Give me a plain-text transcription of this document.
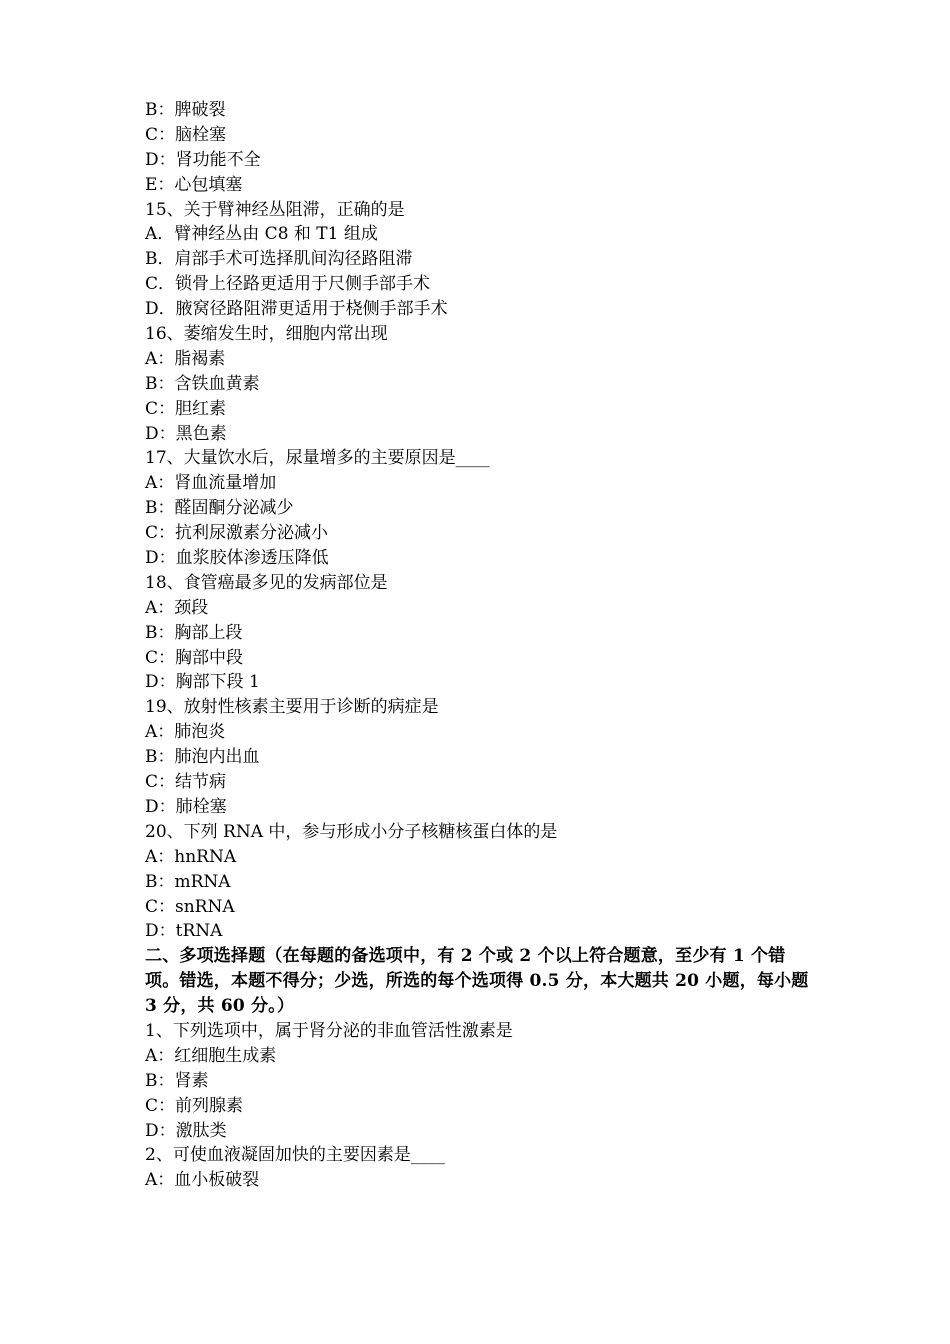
B：脾破裂
C：脑栓塞
D：肾功能不全
E：心包填塞
15、关于臂神经丛阻滞，正确的是
A．臂神经丛由 C8 和 T1 组成
B．肩部手术可选择肌间沟径路阻滞
C．锁骨上径路更适用于尺侧手部手术
D．腋窝径路阻滞更适用于桡侧手部手术
16、萎缩发生时，细胞内常出现
A：脂褐素
B：含铁血黄素
C：胆红素
D：黑色素
17、大量饮水后，尿量增多的主要原因是____
A：肾血流量增加
B：醛固酮分泌减少
C：抗利尿激素分泌减小
D：血浆胶体渗透压降低
18、食管癌最多见的发病部位是
A：颈段
B：胸部上段
C：胸部中段
D：胸部下段 1
19、放射性核素主要用于诊断的病症是
A：肺泡炎
B：肺泡内出血
C：结节病
D：肺栓塞
20、下列 RNA 中，参与形成小分子核糖核蛋白体的是
A：hnRNA
B：mRNA
C：snRNA
D：tRNA
二、多项选择题（在每题的备选项中，有 2 个或 2 个以上符合题意，至少有 1 个错项。错选，本题不得分；少选，所选的每个选项得 0.5 分，本大题共 20 小题，每小题 3 分，共 60 分。）
1、下列选项中，属于肾分泌的非血管活性激素是
A：红细胞生成素
B：肾素
C：前列腺素
D：激肽类
2、可使血液凝固加快的主要因素是____
A：血小板破裂
